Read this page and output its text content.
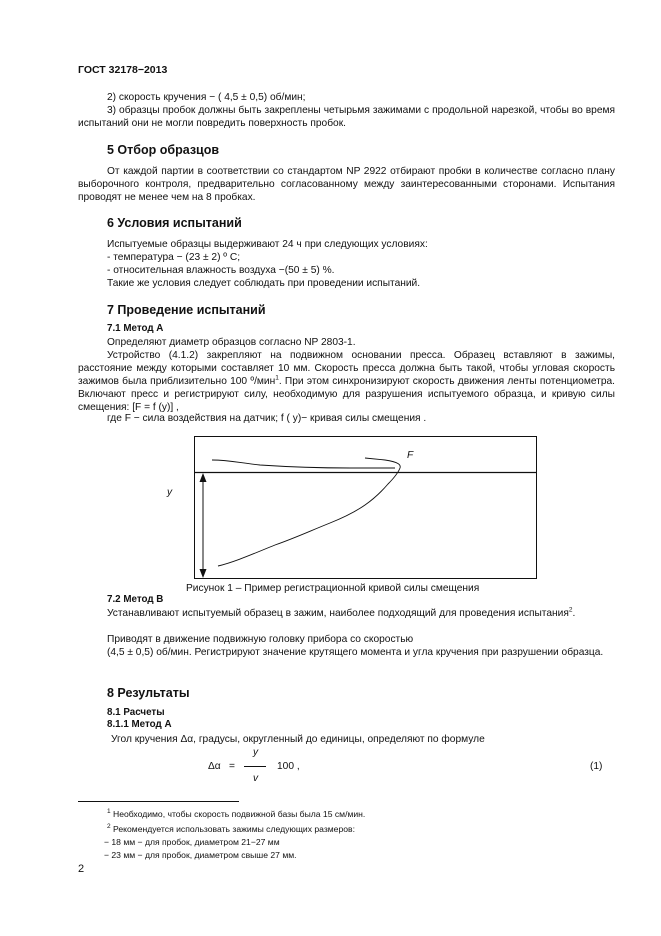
ГОСТ 32178−2013

2) скорость кручения − ( 4,5 ± 0,5) об/мин;

3) образцы пробок должны быть закреплены четырьмя зажимами с продольной нарезкой, чтобы во время испытаний они не могли повредить поверхность пробок.

5 Отбор образцов

От каждой партии в соответствии со стандартом NP 2922 отбирают пробки в количестве согласно плану выборочного контроля, предварительно согласованному между заинтересованными сторонами. Испытания проводят не менее чем на 8 пробках.

6 Условия испытаний

Испытуемые образцы выдерживают 24 ч при следующих условиях:

- температура − (23 ± 2) º С;

- относительная влажность воздуха −(50 ± 5) %.

Такие же условия следует соблюдать при проведении испытаний.

7 Проведение испытаний
7.1 Метод А

Определяют диаметр образцов согласно NP 2803-1.

Устройство (4.1.2) закрепляют на подвижном основании пресса. Образец вставляют в зажимы, расстояние между которыми составляет 10 мм. Скорость пресса должна быть такой, чтобы угловая скорость зажимов была приблизительно 100 º/мин$^1$. При этом синхронизируют скорость движения ленты потенциометра. Включают пресс и регистрируют силу, необходимую для разрушения испытуемого образца, и кривую силы смещения: [F = f (y)] ,

где F − сила воздействия на датчик; f ( y)− кривая силы смещения .

F
y

Рисунок 1 – Пример регистрационной кривой силы смещения

7.2 Метод В

Устанавливают испытуемый образец в зажим, наиболее подходящий для проведения испытания$^2$.

Приводят в движение подвижную головку прибора со скоростью

(4,5 ± 0,5) об/мин. Регистрируют значение крутящего момента и угла кручения при разрушении образца.

8 Результаты
8.1 Расчеты
8.1.1 Метод А

Угол кручения Δα, градусы, округленный до единицы, определяют по формуле

Δα =
y
v
100 ,	(1)

$^1$ Необходимо, чтобы скорость подвижной базы была 15 см/мин.

$^2$ Рекомендуется использовать зажимы следующих размеров:

− 18 мм − для пробок, диаметром 21−27 мм

− 23 мм − для пробок, диаметром свыше 27 мм.

2
